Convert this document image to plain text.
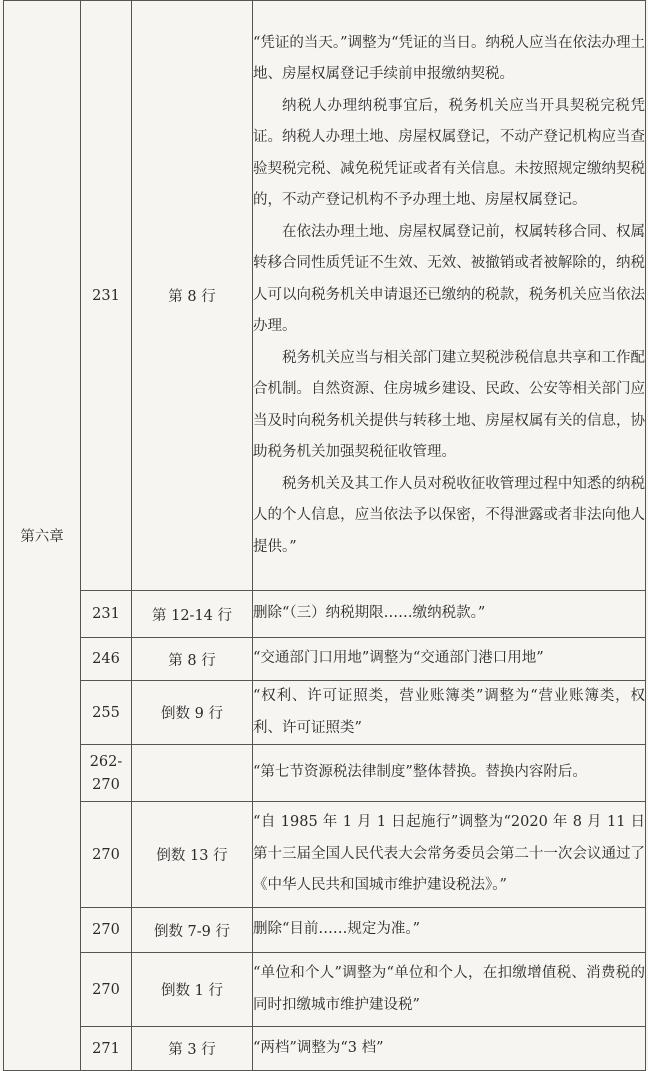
第六章	231	第 8 行	“凭证的当天。”调整为“凭证的当日。纳税人应当在依法办理土地、房屋权属登记手续前申报缴纳契税。

纳税人办理纳税事宜后，税务机关应当开具契税完税凭证。纳税人办理土地、房屋权属登记，不动产登记机构应当查验契税完税、减免税凭证或者有关信息。未按照规定缴纳契税的，不动产登记机构不予办理土地、房屋权属登记。

在依法办理土地、房屋权属登记前，权属转移合同、权属转移合同性质凭证不生效、无效、被撤销或者被解除的，纳税人可以向税务机关申请退还已缴纳的税款，税务机关应当依法办理。

税务机关应当与相关部门建立契税涉税信息共享和工作配合机制。自然资源、住房城乡建设、民政、公安等相关部门应当及时向税务机关提供与转移土地、房屋权属有关的信息，协助税务机关加强契税征收管理。

税务机关及其工作人员对税收征收管理过程中知悉的纳税人的个人信息，应当依法予以保密，不得泄露或者非法向他人提供。”

	231	第 12-14 行	删除“（三）纳税期限……缴纳税款。”

	246	第 8 行	“交通部门口用地”调整为“交通部门港口用地”

	255	倒数 9 行	“权利、许可证照类，营业账簿类”调整为“营业账簿类，权利、许可证照类”

	262-
270		“第七节资源税法律制度”整体替换。替换内容附后。

	270	倒数 13 行	“自 1985 年 1 月 1 日起施行”调整为“2020 年 8 月 11 日第十三届全国人民代表大会常务委员会第二十一次会议通过了《中华人民共和国城市维护建设税法》。”

	270	倒数 7-9 行	删除“目前……规定为准。”

	270	倒数 1 行	“单位和个人”调整为“单位和个人，在扣缴增值税、消费税的同时扣缴城市维护建设税”

	271	第 3 行	“两档”调整为“3 档”
